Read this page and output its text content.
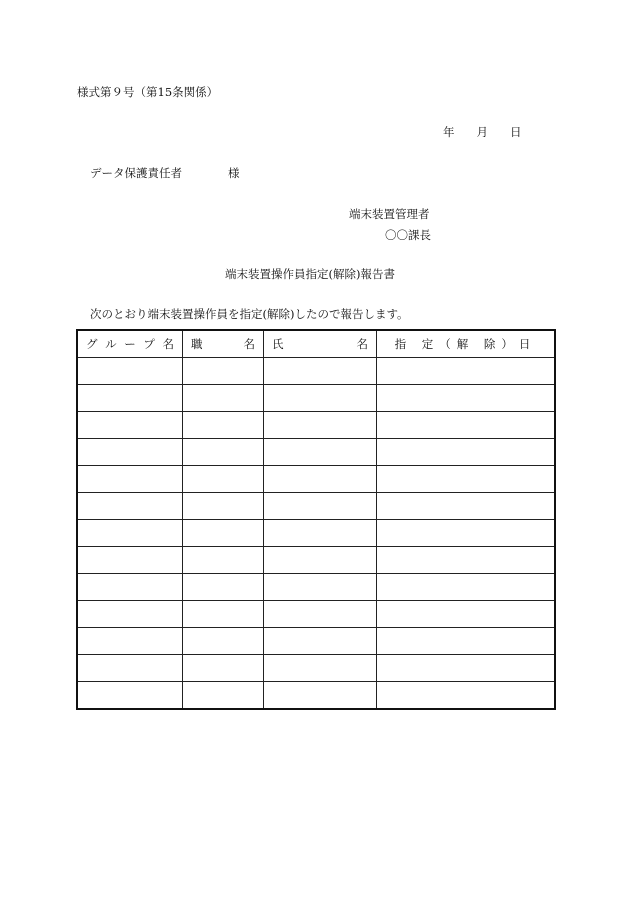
様式第９号（第15条関係）
年 月 日
データ保護責任者	様
端末装置管理者
〇〇課長
端末装置操作員指定(解除)報告書
次のとおり端末装置操作員を指定(解除)したので報告します。
グ ル ー プ 名	職 名	氏 名	指 定（解 除）日
